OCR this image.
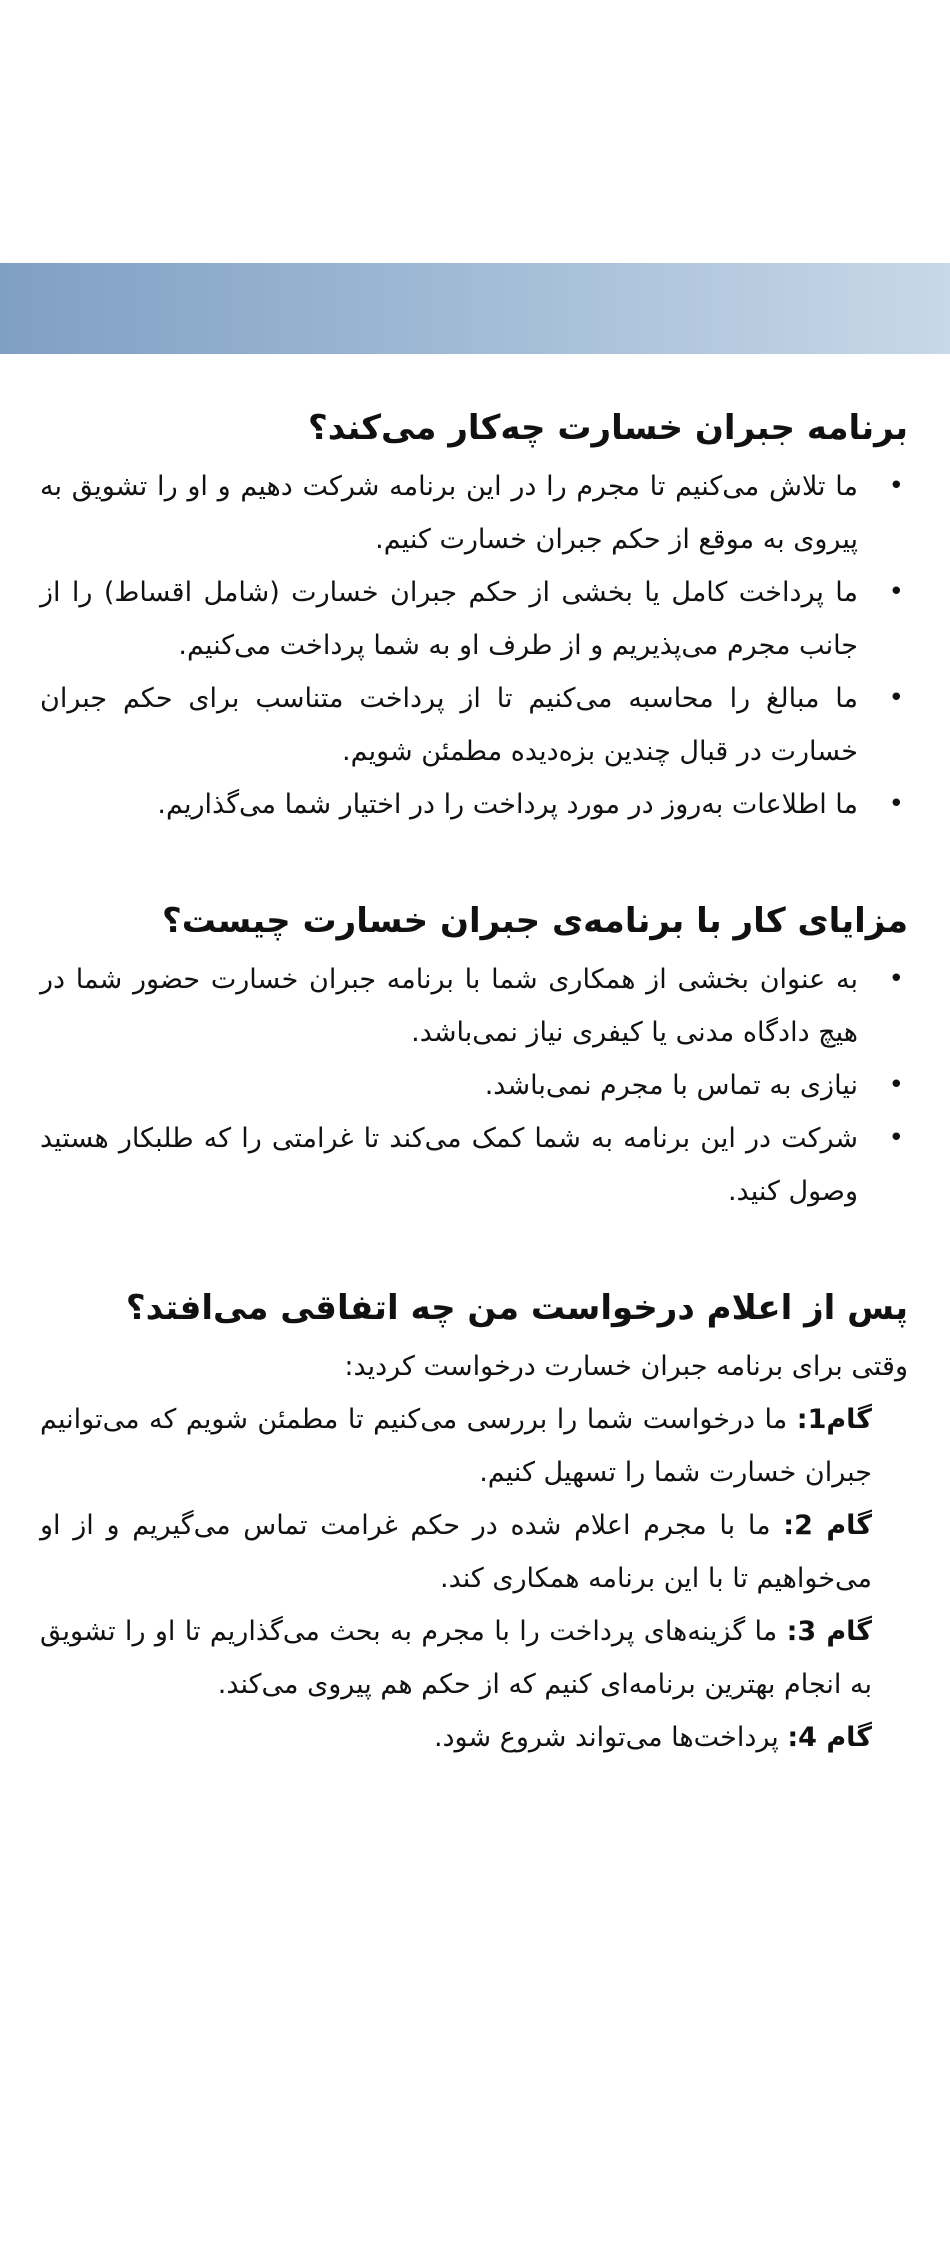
برنامه جبران خسارت چه‌کار می‌کند؟
• ما تلاش می‌کنیم تا مجرم را در این برنامه شرکت دهیم و او را تشویق به پیروی به موقع از حکم جبران خسارت کنیم.
• ما پرداخت کامل یا بخشی از حکم جبران خسارت (شامل اقساط) را از جانب مجرم می‌پذیریم و از طرف او به شما پرداخت می‌کنیم.
• ما مبالغ را محاسبه می‌کنیم تا از پرداخت متناسب برای حکم جبران خسارت در قبال چندین بزه‌دیده مطمئن شویم.
• ما اطلاعات به‌روز در مورد پرداخت را در اختیار شما می‌گذاریم.
مزایای کار با برنامه‌ی جبران خسارت چیست؟
• به عنوان بخشی از همکاری شما با برنامه جبران خسارت حضور شما در هیچ دادگاه مدنی یا کیفری نیاز نمی‌باشد.
• نیازی به تماس با مجرم نمی‌باشد.
• شرکت در این برنامه به شما کمک می‌کند تا غرامتی را که طلبکار هستید وصول کنید.
پس از اعلام درخواست من چه اتفاقی می‌افتد؟

وقتی برای برنامه جبران خسارت درخواست کردید:

گام1: ما درخواست شما را بررسی می‌کنیم تا مطمئن شویم که می‌توانیم جبران خسارت شما را تسهیل کنیم.

گام 2: ما با مجرم اعلام شده در حکم غرامت تماس می‌گیریم و از او می‌خواهیم تا با این برنامه همکاری کند.

گام 3: ما گزینه‌های پرداخت را با مجرم به بحث می‌گذاریم تا او را تشویق به انجام بهترین برنامه‌ای کنیم که از حکم هم پیروی می‌کند.

گام 4: پرداخت‌ها می‌تواند شروع شود.
